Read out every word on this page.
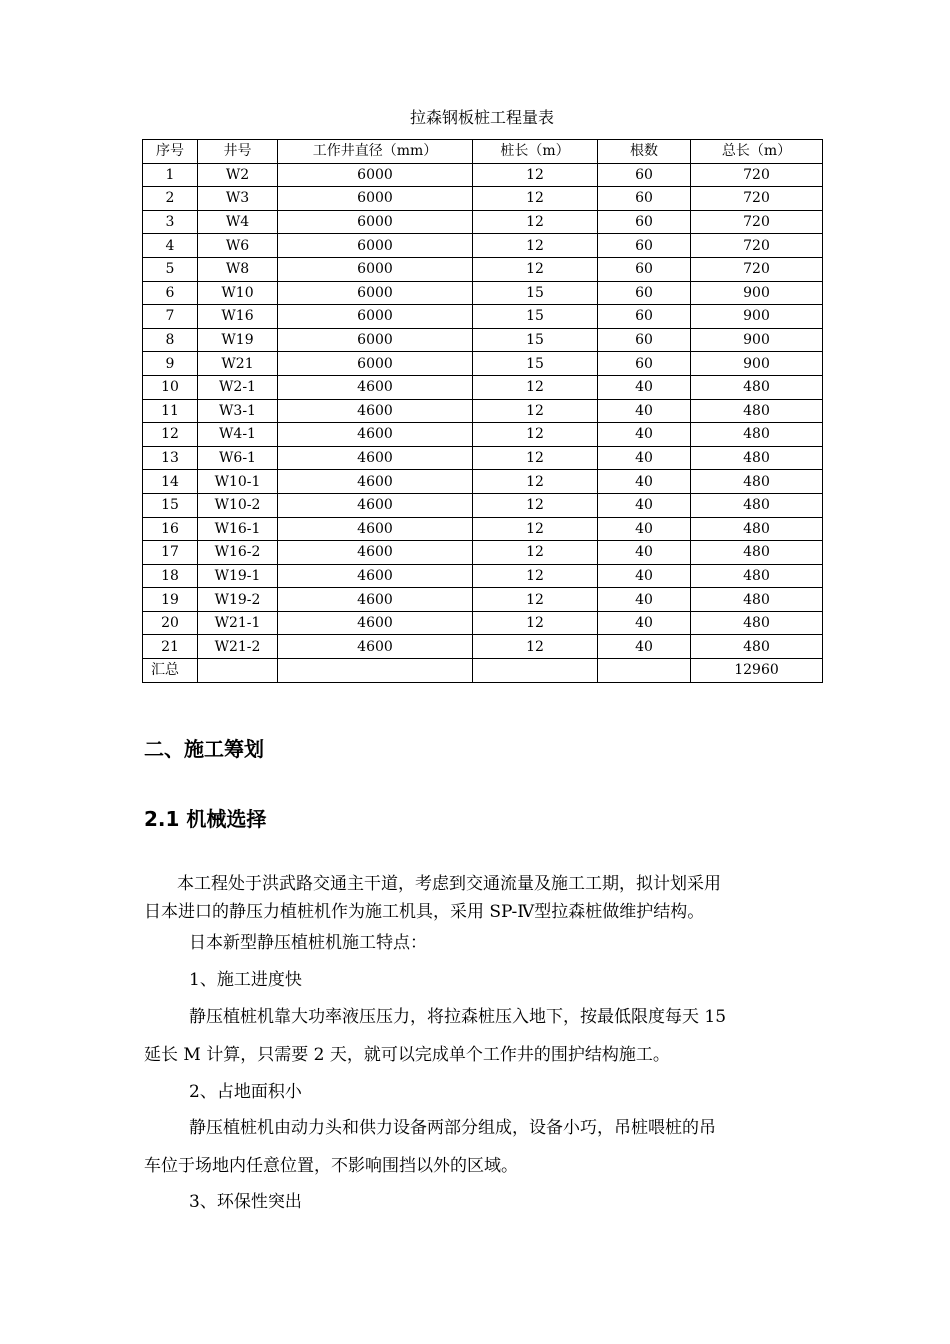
拉森钢板桩工程量表
序号	井号	工作井直径（mm）	桩长（m）	根数	总长（m）
1	W2	6000	12	60	720
2	W3	6000	12	60	720
3	W4	6000	12	60	720
4	W6	6000	12	60	720
5	W8	6000	12	60	720
6	W10	6000	15	60	900
7	W16	6000	15	60	900
8	W19	6000	15	60	900
9	W21	6000	15	60	900
10	W2-1	4600	12	40	480
11	W3-1	4600	12	40	480
12	W4-1	4600	12	40	480
13	W6-1	4600	12	40	480
14	W10-1	4600	12	40	480
15	W10-2	4600	12	40	480
16	W16-1	4600	12	40	480
17	W16-2	4600	12	40	480
18	W19-1	4600	12	40	480
19	W19-2	4600	12	40	480
20	W21-1	4600	12	40	480
21	W21-2	4600	12	40	480
汇总					12960
二、施工筹划
2.1 机械选择

本工程处于洪武路交通主干道，考虑到交通流量及施工工期，拟计划采用

日本进口的静压力植桩机作为施工机具，采用 SP-Ⅳ型拉森桩做维护结构。

日本新型静压植桩机施工特点：

1、施工进度快

静压植桩机靠大功率液压压力，将拉森桩压入地下，按最低限度每天 15

延长 M 计算，只需要 2 天，就可以完成单个工作井的围护结构施工。

2、占地面积小

静压植桩机由动力头和供力设备两部分组成，设备小巧，吊桩喂桩的吊

车位于场地内任意位置，不影响围挡以外的区域。

3、环保性突出
